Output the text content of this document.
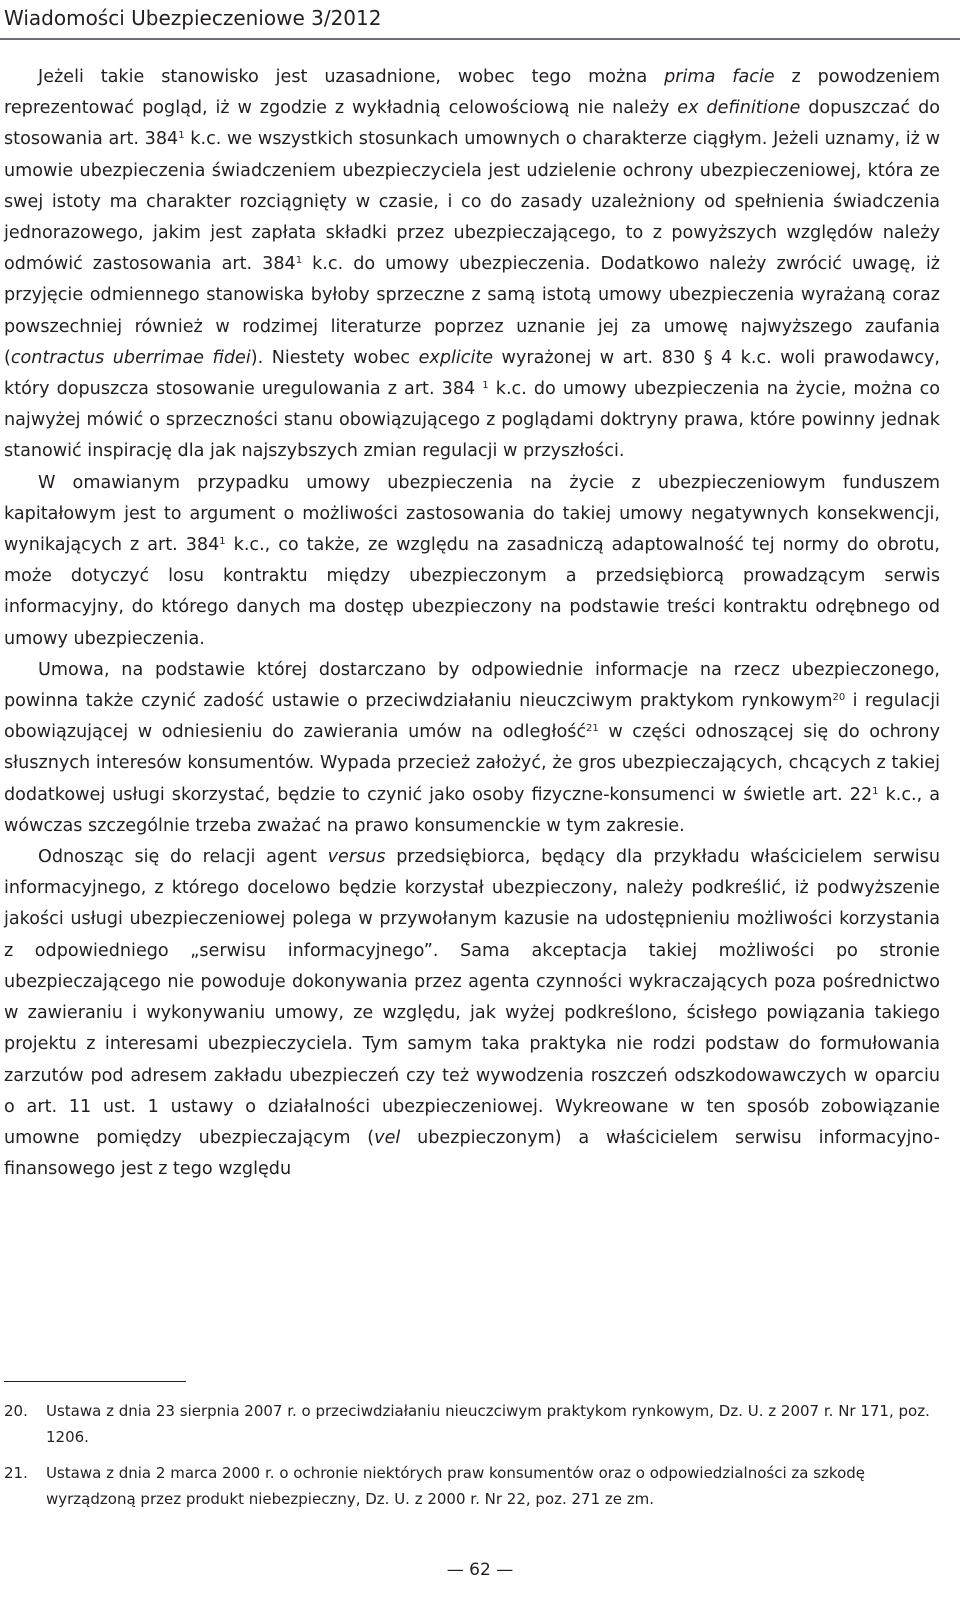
Wiadomości Ubezpieczeniowe 3/2012

Jeżeli takie stanowisko jest uzasadnione, wobec tego można prima facie z powodzeniem reprezentować pogląd, iż w zgodzie z wykładnią celowościową nie należy ex definitione dopuszczać do stosowania art. $384^1$ k.c. we wszystkich stosunkach umownych o charakterze ciągłym. Jeżeli uznamy, iż w umowie ubezpieczenia świadczeniem ubezpieczyciela jest udzielenie ochrony ubezpieczeniowej, która ze swej istoty ma charakter rozciągnięty w czasie, i co do zasady uzależniony od spełnienia świadczenia jednorazowego, jakim jest zapłata składki przez ubezpieczającego, to z powyższych względów należy odmówić zastosowania art. $384^1$ k.c. do umowy ubezpieczenia. Dodatkowo należy zwrócić uwagę, iż przyjęcie odmiennego stanowiska byłoby sprzeczne z samą istotą umowy ubezpieczenia wyrażaną coraz powszechniej również w rodzimej literaturze poprzez uznanie jej za umowę najwyższego zaufania (contractus uberrimae fidei). Niestety wobec explicite wyrażonej w art. 830 § 4 k.c. woli prawodawcy, który dopuszcza stosowanie uregulowania z art. 384 $^1$ k.c. do umowy ubezpieczenia na życie, można co najwyżej mówić o sprzeczności stanu obowiązującego z poglądami doktryny prawa, które powinny jednak stanowić inspirację dla jak najszybszych zmian regulacji w przyszłości.

W omawianym przypadku umowy ubezpieczenia na życie z ubezpieczeniowym funduszem kapitałowym jest to argument o możliwości zastosowania do takiej umowy negatywnych konsekwencji, wynikających z art. $384^1$ k.c., co także, ze względu na zasadniczą adaptowalność tej normy do obrotu, może dotyczyć losu kontraktu między ubezpieczonym a przedsiębiorcą prowadzącym serwis informacyjny, do którego danych ma dostęp ubezpieczony na podstawie treści kontraktu odrębnego od umowy ubezpieczenia.

Umowa, na podstawie której dostarczano by odpowiednie informacje na rzecz ubezpieczonego, powinna także czynić zadość ustawie o przeciwdziałaniu nieuczciwym praktykom rynkowym$^{20}$ i regulacji obowiązującej w odniesieniu do zawierania umów na odległość$^{21}$ w części odnoszącej się do ochrony słusznych interesów konsumentów. Wypada przecież założyć, że gros ubezpieczających, chcących z takiej dodatkowej usługi skorzystać, będzie to czynić jako osoby fizyczne-konsumenci w świetle art. $22^1$ k.c., a wówczas szczególnie trzeba zważać na prawo konsumenckie w tym zakresie.

Odnosząc się do relacji agent versus przedsiębiorca, będący dla przykładu właścicielem serwisu informacyjnego, z którego docelowo będzie korzystał ubezpieczony, należy podkreślić, iż podwyższenie jakości usługi ubezpieczeniowej polega w przywołanym kazusie na udostępnieniu możliwości korzystania z odpowiedniego „serwisu informacyjnego”. Sama akceptacja takiej możliwości po stronie ubezpieczającego nie powoduje dokonywania przez agenta czynności wykraczających poza pośrednictwo w zawieraniu i wykonywaniu umowy, ze względu, jak wyżej podkreślono, ścisłego powiązania takiego projektu z interesami ubezpieczyciela. Tym samym taka praktyka nie rodzi podstaw do formułowania zarzutów pod adresem zakładu ubezpieczeń czy też wywodzenia roszczeń odszkodowawczych w oparciu o art. 11 ust. 1 ustawy o działalności ubezpieczeniowej. Wykreowane w ten sposób zobowiązanie umowne pomiędzy ubezpieczającym (vel ubezpieczonym) a właścicielem serwisu informacyjno-finansowego jest z tego względu

20. Ustawa z dnia 23 sierpnia 2007 r. o przeciwdziałaniu nieuczciwym praktykom rynkowym, Dz. U. z 2007 r. Nr 171, poz. 1206.
21. Ustawa z dnia 2 marca 2000 r. o ochronie niektórych praw konsumentów oraz o odpowiedzialności za szkodę wyrządzoną przez produkt niebezpieczny, Dz. U. z 2000 r. Nr 22, poz. 271 ze zm.
— 62 —
